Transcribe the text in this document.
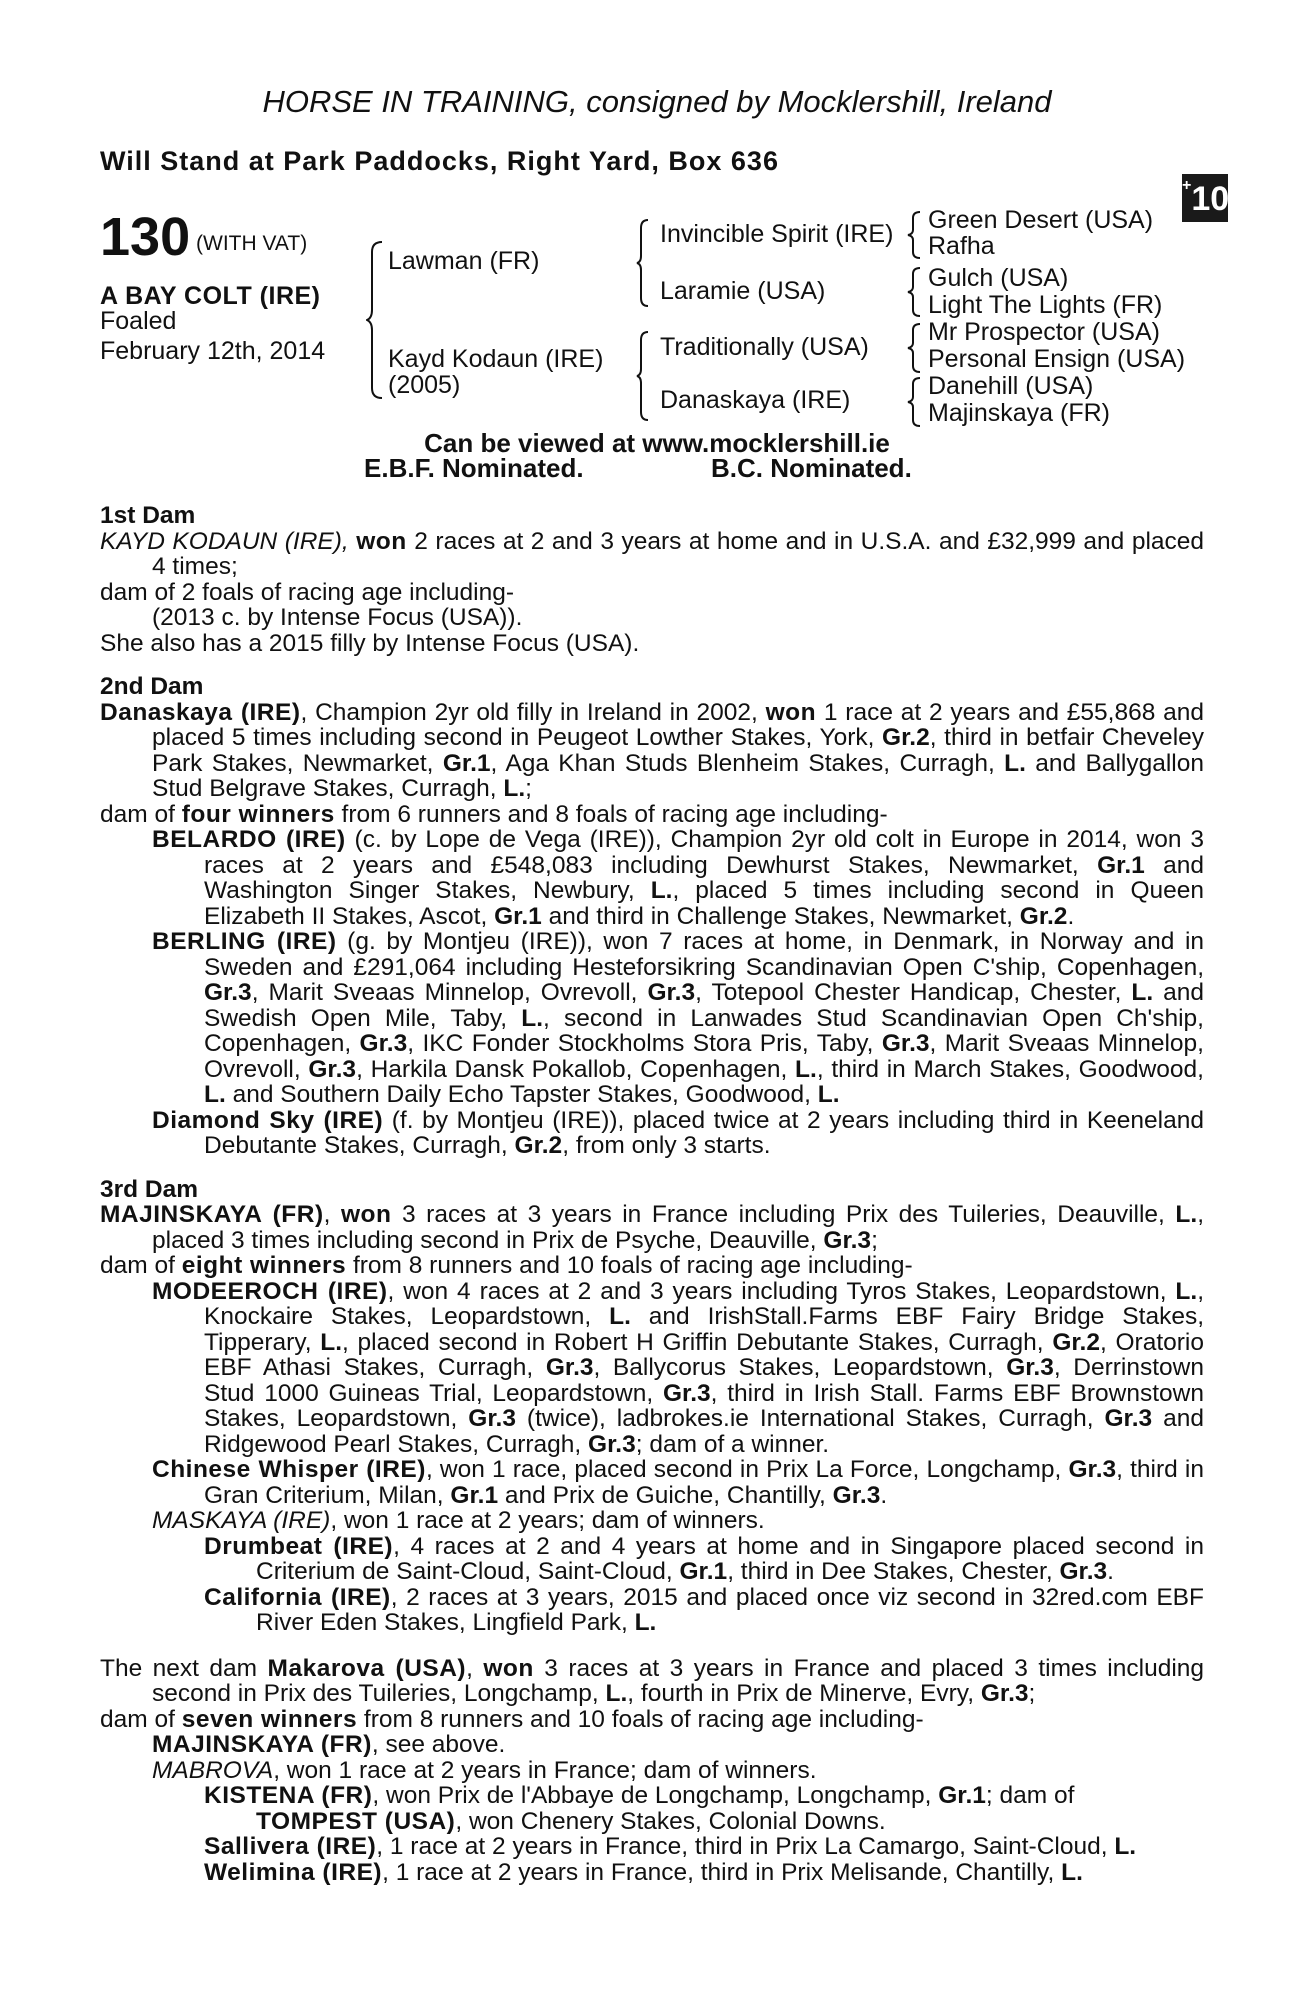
HORSE IN TRAINING, consigned by Mocklershill, Ireland
Will Stand at Park Paddocks, Right Yard, Box 636
+10
130 (WITH VAT)
A BAY COLT (IRE)
Foaled
February 12th, 2014
Lawman (FR)
Kayd Kodaun (IRE)
(2005)
Invincible Spirit (IRE)
Laramie (USA)
Traditionally (USA)
Danaskaya (IRE)
Green Desert (USA)
Rafha
Gulch (USA)
Light The Lights (FR)
Mr Prospector (USA)
Personal Ensign (USA)
Danehill (USA)
Majinskaya (FR)
Can be viewed at www.mocklershill.ie
E.B.F. Nominated.	B.C. Nominated.
1st Dam
KAYD KODAUN (IRE), won 2 races at 2 and 3 years at home and in U.S.A. and £32,999 and placed 4 times;
dam of 2 foals of racing age including-
(2013 c. by Intense Focus (USA)).
She also has a 2015 filly by Intense Focus (USA).
2nd Dam
Danaskaya (IRE), Champion 2yr old filly in Ireland in 2002, won 1 race at 2 years and £55,868 and placed 5 times including second in Peugeot Lowther Stakes, York, Gr.2, third in betfair Cheveley Park Stakes, Newmarket, Gr.1, Aga Khan Studs Blenheim Stakes, Curragh, L. and Ballygallon Stud Belgrave Stakes, Curragh, L.;
dam of four winners from 6 runners and 8 foals of racing age including-
BELARDO (IRE) (c. by Lope de Vega (IRE)), Champion 2yr old colt in Europe in 2014, won 3 races at 2 years and £548,083 including Dewhurst Stakes, Newmarket, Gr.1 and Washington Singer Stakes, Newbury, L., placed 5 times including second in Queen Elizabeth II Stakes, Ascot, Gr.1 and third in Challenge Stakes, Newmarket, Gr.2.
BERLING (IRE) (g. by Montjeu (IRE)), won 7 races at home, in Denmark, in Norway and in Sweden and £291,064 including Hesteforsikring Scandinavian Open C'ship, Copenhagen, Gr.3, Marit Sveaas Minnelop, Ovrevoll, Gr.3, Totepool Chester Handicap, Chester, L. and Swedish Open Mile, Taby, L., second in Lanwades Stud Scandinavian Open Ch'ship, Copenhagen, Gr.3, IKC Fonder Stockholms Stora Pris, Taby, Gr.3, Marit Sveaas Minnelop, Ovrevoll, Gr.3, Harkila Dansk Pokallob, Copenhagen, L., third in March Stakes, Goodwood, L. and Southern Daily Echo Tapster Stakes, Goodwood, L.
Diamond Sky (IRE) (f. by Montjeu (IRE)), placed twice at 2 years including third in Keeneland Debutante Stakes, Curragh, Gr.2, from only 3 starts.
3rd Dam
MAJINSKAYA (FR), won 3 races at 3 years in France including Prix des Tuileries, Deauville, L., placed 3 times including second in Prix de Psyche, Deauville, Gr.3;
dam of eight winners from 8 runners and 10 foals of racing age including-
MODEEROCH (IRE), won 4 races at 2 and 3 years including Tyros Stakes, Leopardstown, L., Knockaire Stakes, Leopardstown, L. and IrishStall.Farms EBF Fairy Bridge Stakes, Tipperary, L., placed second in Robert H Griffin Debutante Stakes, Curragh, Gr.2, Oratorio EBF Athasi Stakes, Curragh, Gr.3, Ballycorus Stakes, Leopardstown, Gr.3, Derrinstown Stud 1000 Guineas Trial, Leopardstown, Gr.3, third in Irish Stall. Farms EBF Brownstown Stakes, Leopardstown, Gr.3 (twice), ladbrokes.ie International Stakes, Curragh, Gr.3 and Ridgewood Pearl Stakes, Curragh, Gr.3; dam of a winner.
Chinese Whisper (IRE), won 1 race, placed second in Prix La Force, Longchamp, Gr.3, third in Gran Criterium, Milan, Gr.1 and Prix de Guiche, Chantilly, Gr.3.
MASKAYA (IRE), won 1 race at 2 years; dam of winners.
Drumbeat (IRE), 4 races at 2 and 4 years at home and in Singapore placed second in Criterium de Saint-Cloud, Saint-Cloud, Gr.1, third in Dee Stakes, Chester, Gr.3.
California (IRE), 2 races at 3 years, 2015 and placed once viz second in 32red.com EBF River Eden Stakes, Lingfield Park, L.
The next dam Makarova (USA), won 3 races at 3 years in France and placed 3 times including second in Prix des Tuileries, Longchamp, L., fourth in Prix de Minerve, Evry, Gr.3;
dam of seven winners from 8 runners and 10 foals of racing age including-
MAJINSKAYA (FR), see above.
MABROVA, won 1 race at 2 years in France; dam of winners.
KISTENA (FR), won Prix de l'Abbaye de Longchamp, Longchamp, Gr.1; dam of
TOMPEST (USA), won Chenery Stakes, Colonial Downs.
Sallivera (IRE), 1 race at 2 years in France, third in Prix La Camargo, Saint-Cloud, L.
Welimina (IRE), 1 race at 2 years in France, third in Prix Melisande, Chantilly, L.
